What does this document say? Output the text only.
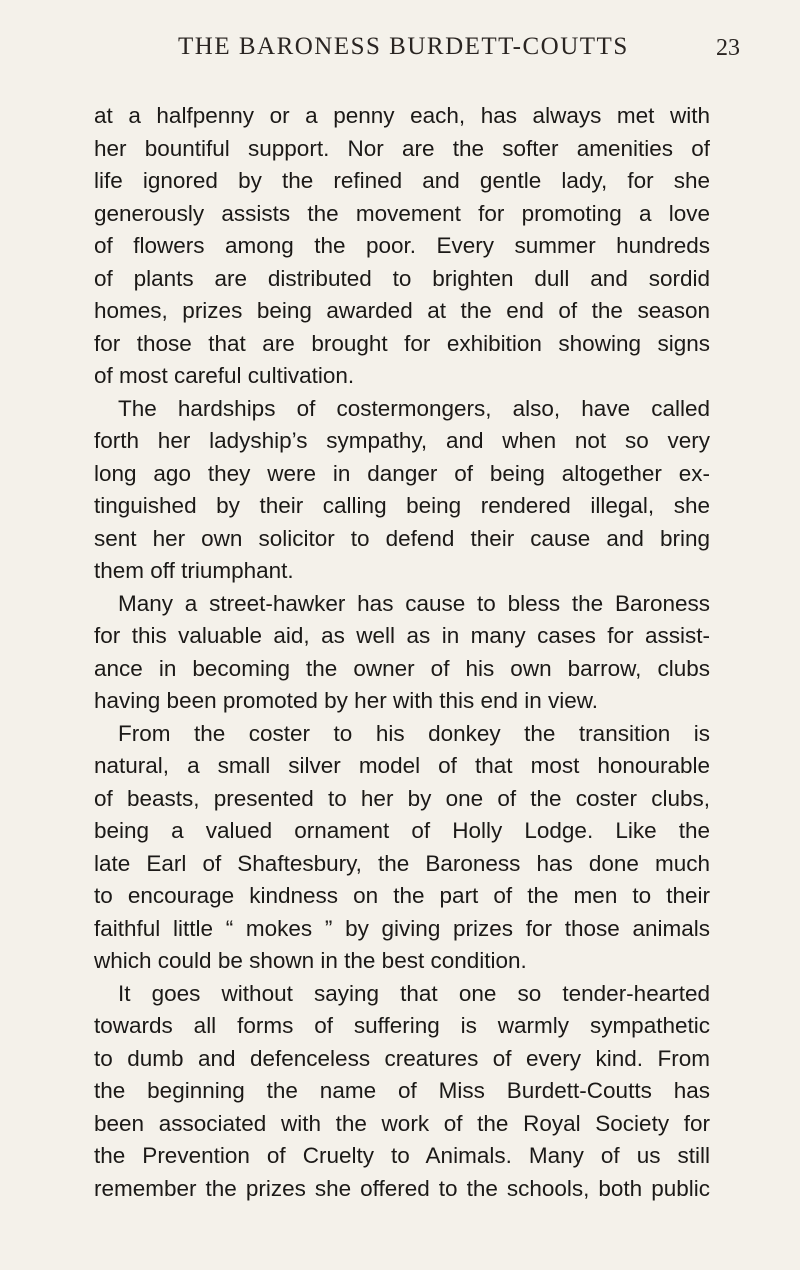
THE BARONESS BURDETT-COUTTS	23
at a halfpenny or a penny each, has always met with
her bountiful support. Nor are the softer amenities of
life ignored by the refined and gentle lady, for she
generously assists the movement for promoting a love
of flowers among the poor. Every summer hundreds
of plants are distributed to brighten dull and sordid
homes, prizes being awarded at the end of the season
for those that are brought for exhibition showing signs
of most careful cultivation.
The hardships of costermongers, also, have called
forth her ladyship’s sympathy, and when not so very
long ago they were in danger of being altogether ex-
tinguished by their calling being rendered illegal, she
sent her own solicitor to defend their cause and bring
them off triumphant.
Many a street-hawker has cause to bless the Baroness
for this valuable aid, as well as in many cases for assist-
ance in becoming the owner of his own barrow, clubs
having been promoted by her with this end in view.
From the coster to his donkey the transition is
natural, a small silver model of that most honourable
of beasts, presented to her by one of the coster clubs,
being a valued ornament of Holly Lodge. Like the
late Earl of Shaftesbury, the Baroness has done much
to encourage kindness on the part of the men to their
faithful little “ mokes ” by giving prizes for those animals
which could be shown in the best condition.
It goes without saying that one so tender-hearted
towards all forms of suffering is warmly sympathetic
to dumb and defenceless creatures of every kind. From
the beginning the name of Miss Burdett-Coutts has
been associated with the work of the Royal Society for
the Prevention of Cruelty to Animals. Many of us still
remember the prizes she offered to the schools, both public
